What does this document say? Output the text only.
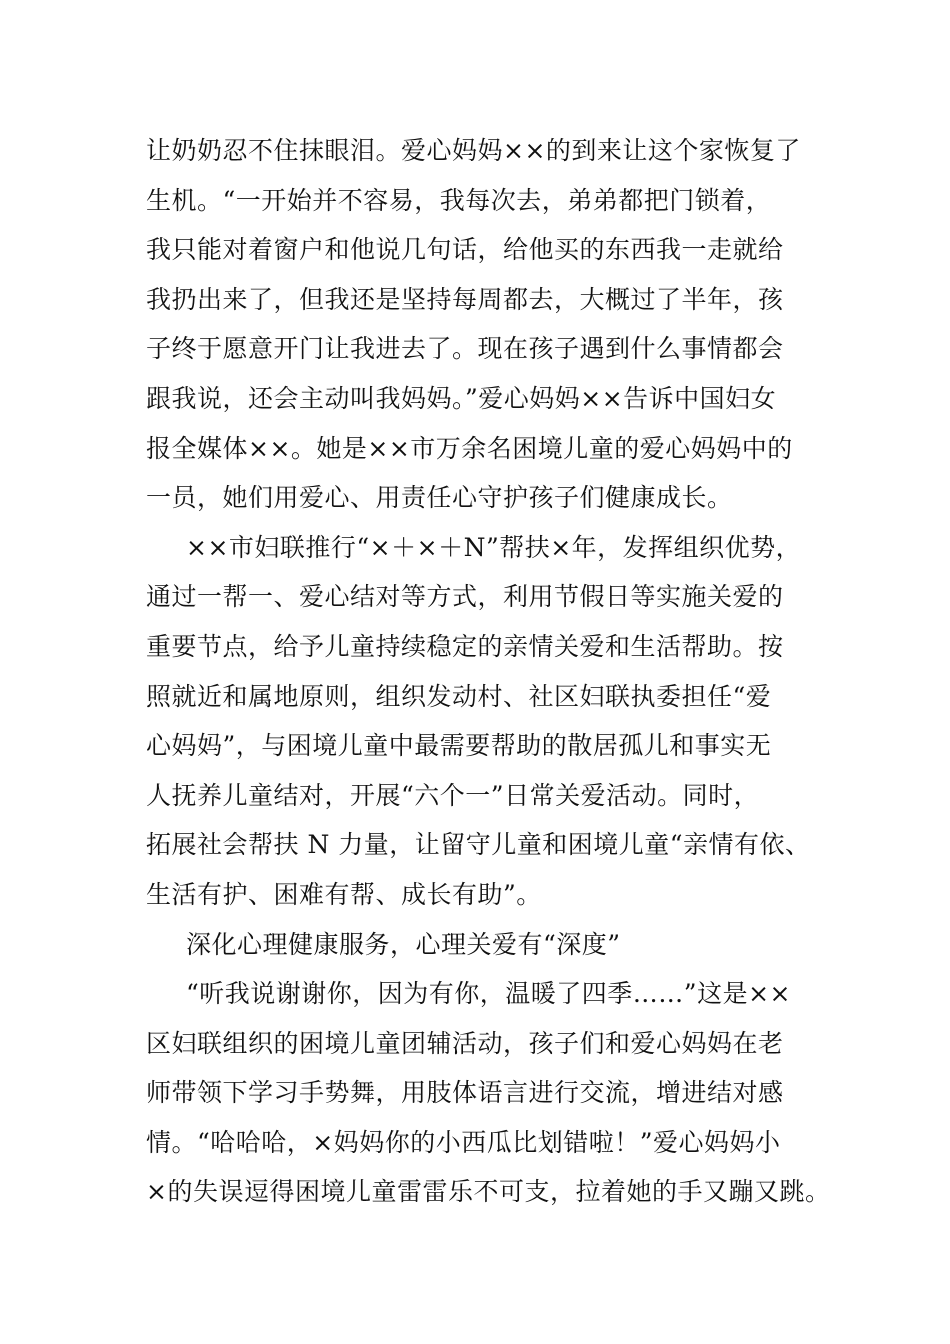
让奶奶忍不住抹眼泪。爱心妈妈××的到来让这个家恢复了
生机。“一开始并不容易，我每次去，弟弟都把门锁着，
我只能对着窗户和他说几句话，给他买的东西我一走就给
我扔出来了，但我还是坚持每周都去，大概过了半年，孩
子终于愿意开门让我进去了。现在孩子遇到什么事情都会
跟我说，还会主动叫我妈妈。”爱心妈妈××告诉中国妇女
报全媒体××。她是××市万余名困境儿童的爱心妈妈中的
一员，她们用爱心、用责任心守护孩子们健康成长。
××市妇联推行“×＋×＋N”帮扶×年，发挥组织优势，
通过一帮一、爱心结对等方式，利用节假日等实施关爱的
重要节点，给予儿童持续稳定的亲情关爱和生活帮助。按
照就近和属地原则，组织发动村、社区妇联执委担任“爱
心妈妈”，与困境儿童中最需要帮助的散居孤儿和事实无
人抚养儿童结对，开展“六个一”日常关爱活动。同时，
拓展社会帮扶 N 力量，让留守儿童和困境儿童“亲情有依、
生活有护、困难有帮、成长有助”。
深化心理健康服务，心理关爱有“深度”
“听我说谢谢你，因为有你，温暖了四季……”这是××
区妇联组织的困境儿童团辅活动，孩子们和爱心妈妈在老
师带领下学习手势舞，用肢体语言进行交流，增进结对感
情。“哈哈哈，×妈妈你的小西瓜比划错啦！”爱心妈妈小
×的失误逗得困境儿童雷雷乐不可支，拉着她的手又蹦又跳。
